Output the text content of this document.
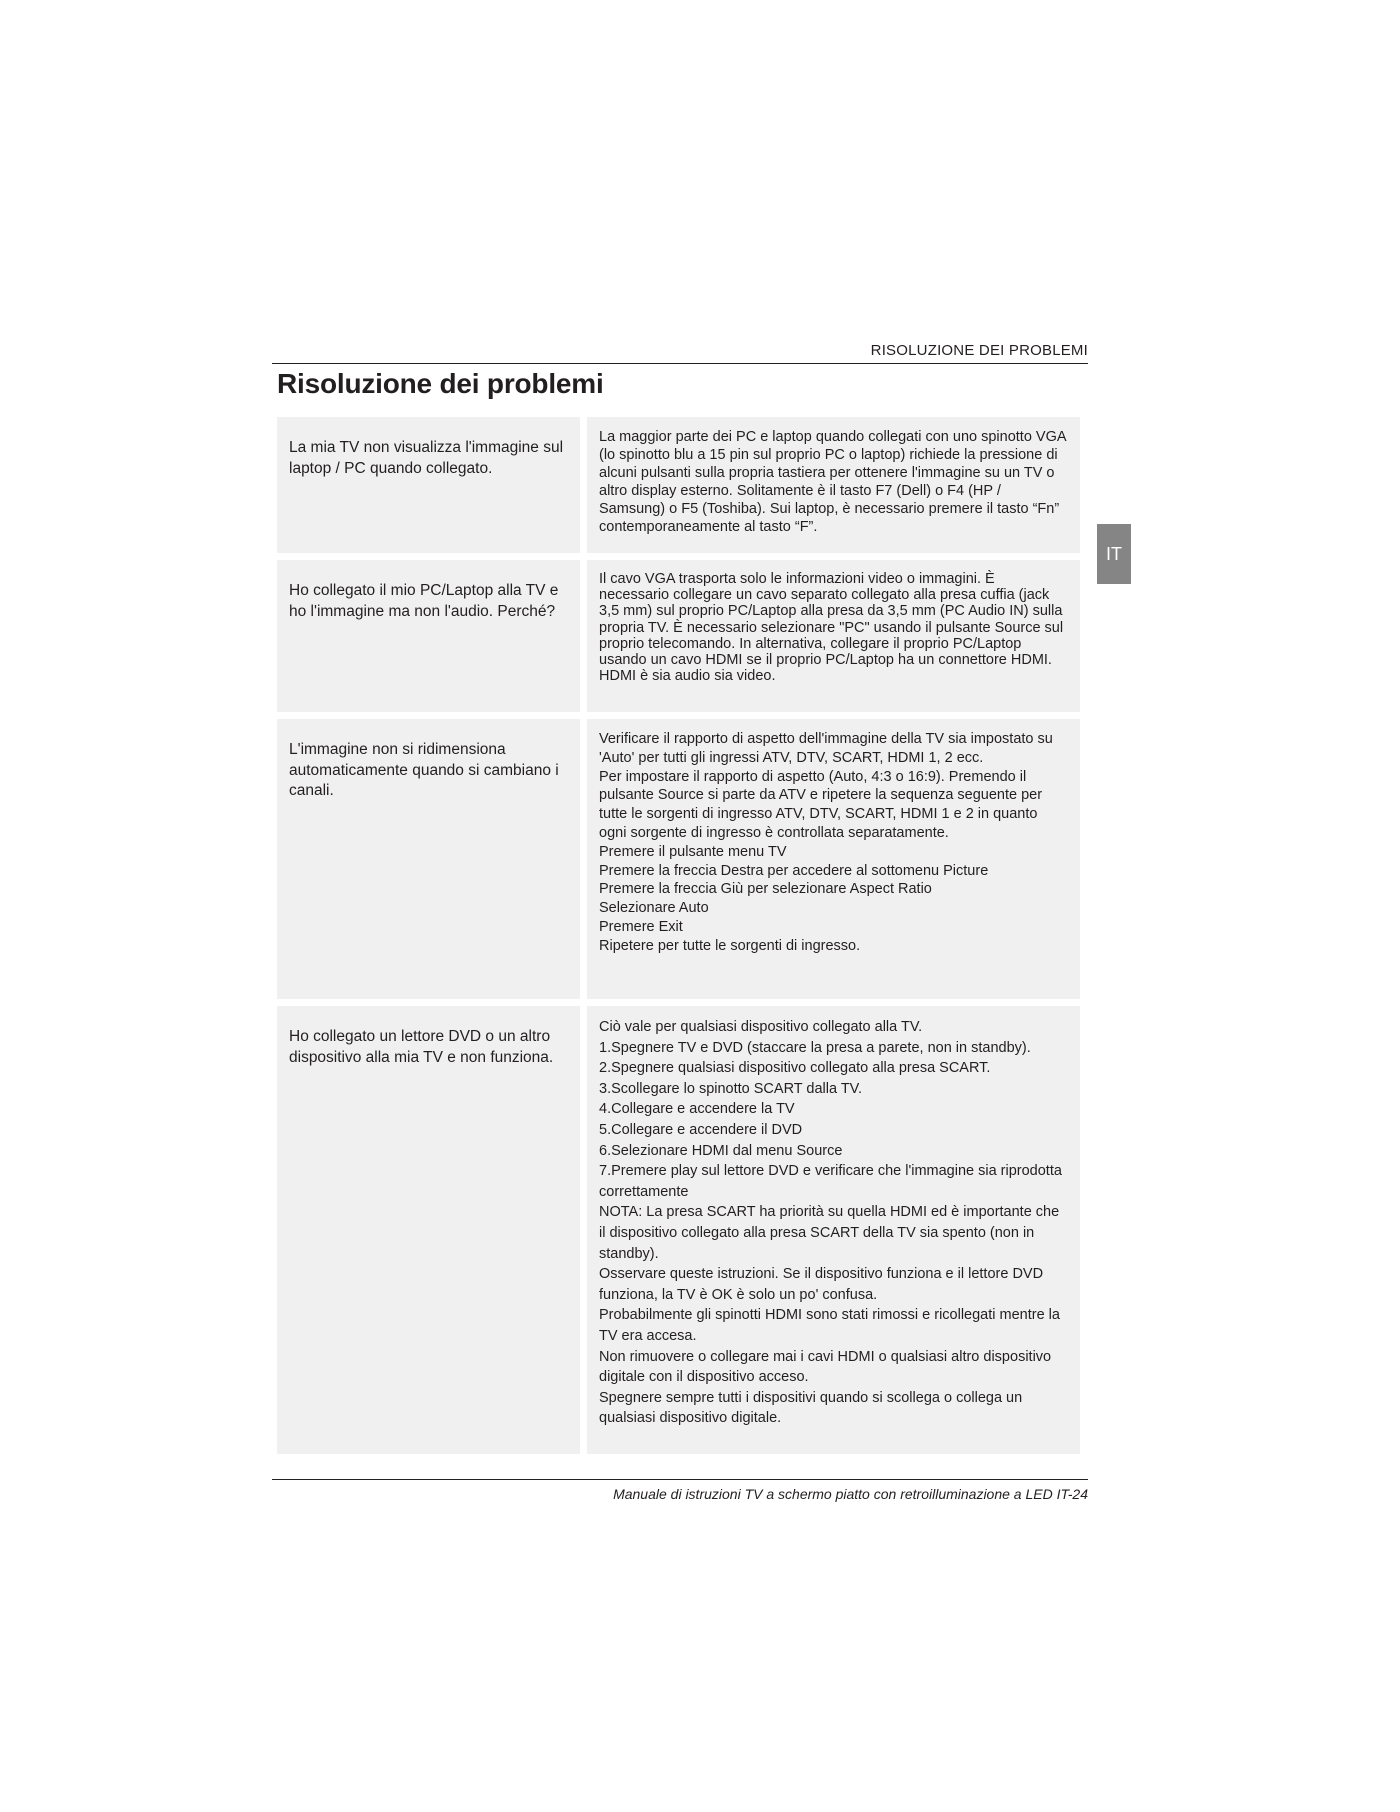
RISOLUZIONE DEI PROBLEMI
Risoluzione dei problemi
IT
La mia TV non visualizza l'immagine sul laptop / PC quando collegato.

La maggior parte dei PC e laptop quando collegati con uno spinotto VGA (lo spinotto blu a 15 pin sul proprio PC o laptop) richiede la pressione di alcuni pulsanti sulla propria tastiera per ottenere l'immagine su un TV o altro display esterno. Solitamente è il tasto F7 (Dell) o F4 (HP / Samsung) o F5 (Toshiba). Sui laptop, è necessario premere il tasto “Fn” contemporaneamente al tasto “F”.

Ho collegato il mio PC/Laptop alla TV e ho l'immagine ma non l'audio. Perché?

Il cavo VGA trasporta solo le informazioni video o immagini. È necessario collegare un cavo separato collegato alla presa cuffia (jack 3,5 mm) sul proprio PC/Laptop alla presa da 3,5 mm (PC Audio IN) sulla propria TV. È necessario selezionare "PC" usando il pulsante Source sul proprio telecomando. In alternativa, collegare il proprio PC/Laptop usando un cavo HDMI se il proprio PC/Laptop ha un connettore HDMI. HDMI è sia audio sia video.

L'immagine non si ridimensiona automaticamente quando si cambiano i canali.

Verificare il rapporto di aspetto dell'immagine della TV sia impostato su 'Auto' per tutti gli ingressi ATV, DTV, SCART, HDMI 1, 2 ecc.

Per impostare il rapporto di aspetto (Auto, 4:3 o 16:9). Premendo il pulsante Source si parte da ATV e ripetere la sequenza seguente per tutte le sorgenti di ingresso ATV, DTV, SCART, HDMI 1 e 2 in quanto ogni sorgente di ingresso è controllata separatamente.

Premere il pulsante menu TV

Premere la freccia Destra per accedere al sottomenu Picture

Premere la freccia Giù per selezionare Aspect Ratio

Selezionare Auto

Premere Exit

Ripetere per tutte le sorgenti di ingresso.

Ho collegato un lettore DVD o un altro dispositivo alla mia TV e non funziona.

Ciò vale per qualsiasi dispositivo collegato alla TV.

1.Spegnere TV e DVD (staccare la presa a parete, non in standby).

2.Spegnere qualsiasi dispositivo collegato alla presa SCART.

3.Scollegare lo spinotto SCART dalla TV.

4.Collegare e accendere la TV

5.Collegare e accendere il DVD

6.Selezionare HDMI dal menu Source

7.Premere play sul lettore DVD e verificare che l'immagine sia riprodotta correttamente

NOTA: La presa SCART ha priorità su quella HDMI ed è importante che il dispositivo collegato alla presa SCART della TV sia spento (non in standby).

Osservare queste istruzioni. Se il dispositivo funziona e il lettore DVD funziona, la TV è OK è solo un po' confusa.

Probabilmente gli spinotti HDMI sono stati rimossi e ricollegati mentre la TV era accesa.

Non rimuovere o collegare mai i cavi HDMI o qualsiasi altro dispositivo digitale con il dispositivo acceso.

Spegnere sempre tutti i dispositivi quando si scollega o collega un qualsiasi dispositivo digitale.

Manuale di istruzioni TV a schermo piatto con retroilluminazione a LED IT-24
